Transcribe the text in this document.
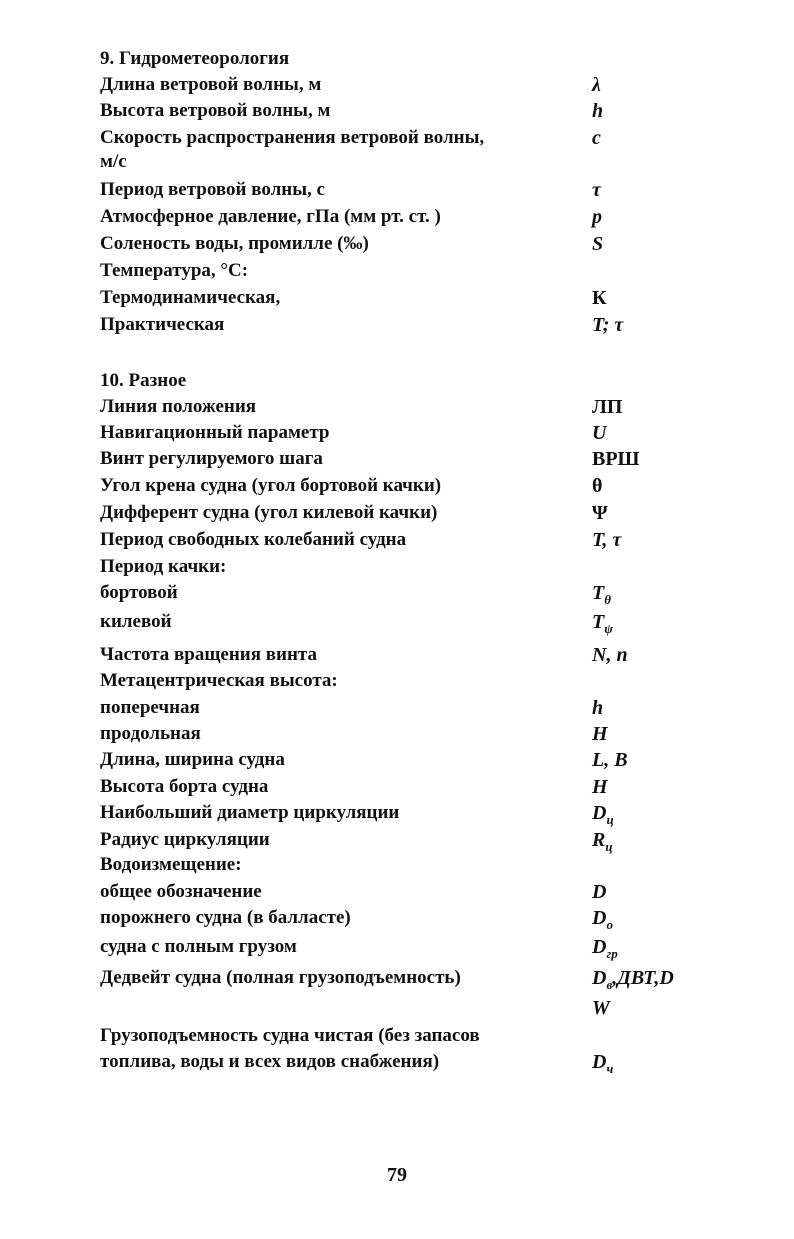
9. Гидрометеорология
Длина ветровой волны, м	λ
Высота ветровой волны, м	h
Скорость распространения ветровой волны,	c
м/с
Период ветровой волны, с	τ
Атмосферное давление, гПа (мм рт. ст. )	p
Соленость воды, промилле (‰)	S
Температура, °С:
Термодинамическая,	К
Практическая	T; τ
10. Разное
Линия положения	ЛП
Навигационный параметр	U
Винт регулируемого шага	ВРШ
Угол крена судна (угол бортовой качки)	θ
Дифферент судна (угол килевой качки)	Ψ
Период свободных колебаний судна	T, τ
Период качки:
бортовой	$T_\theta$
килевой	$T_\psi$
Частота вращения винта	N, n
Метацентрическая высота:
поперечная	h
продольная	H
Длина, ширина судна	L, B
Высота борта судна	H
Наибольший диаметр циркуляции	$D_ц$
Радиус циркуляции	$R_ц$
Водоизмещение:
общее обозначение	D
порожнего судна (в балласте)	$D_о$
судна с полным грузом	$D_{гр}$
Дедвейт судна (полная грузоподъемность)	$D_в,ДВТ,D$
W
Грузоподъемность судна чистая (без запасов
топлива, воды и всех видов снабжения)	$D_ч$
79
